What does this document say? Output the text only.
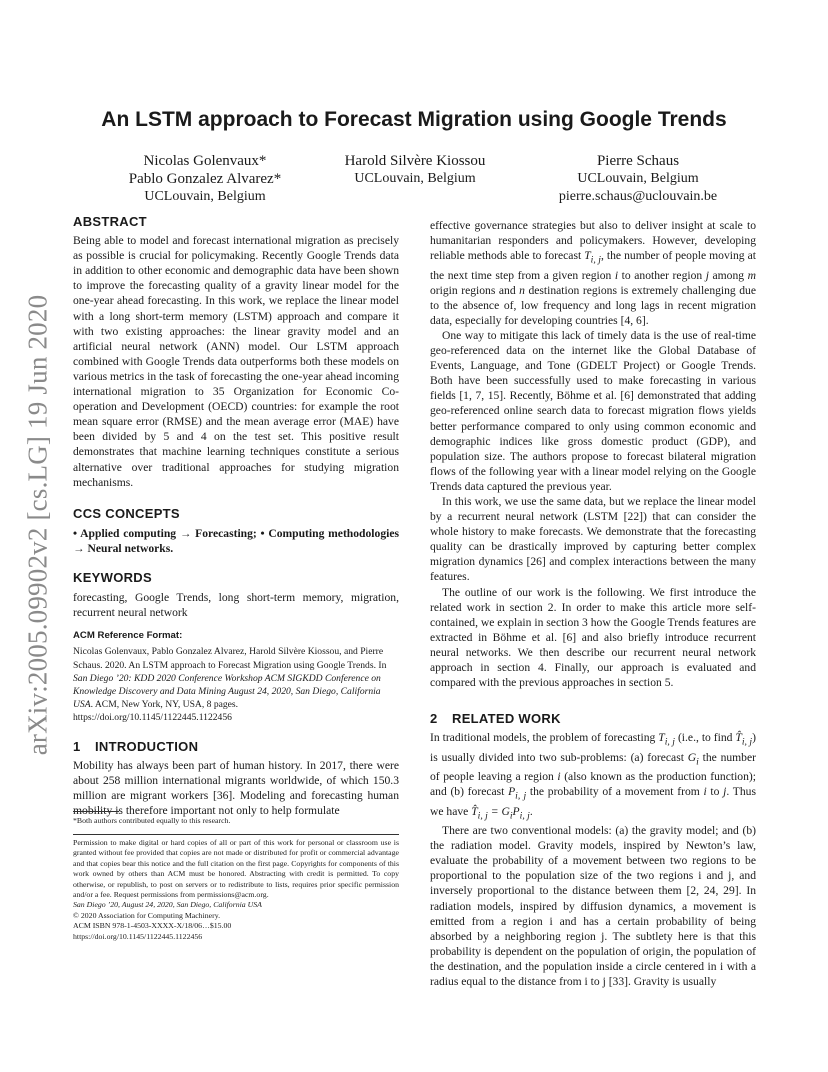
arXiv:2005.09902v2 [cs.LG] 19 Jun 2020
An LSTM approach to Forecast Migration using Google Trends
Nicolas Golenvaux*
Pablo Gonzalez Alvarez*
UCLouvain, Belgium
Harold Silvère Kiossou
UCLouvain, Belgium
Pierre Schaus
UCLouvain, Belgium
pierre.schaus@uclouvain.be
ABSTRACT

Being able to model and forecast international migration as precisely as possible is crucial for policymaking. Recently Google Trends data in addition to other economic and demographic data have been shown to improve the forecasting quality of a gravity linear model for the one-year ahead forecasting. In this work, we replace the linear model with a long short-term memory (LSTM) approach and compare it with two existing approaches: the linear gravity model and an artificial neural network (ANN) model. Our LSTM approach combined with Google Trends data outperforms both these models on various metrics in the task of forecasting the one-year ahead incoming international migration to 35 Organization for Economic Co-operation and Development (OECD) countries: for example the root mean square error (RMSE) and the mean average error (MAE) have been divided by 5 and 4 on the test set. This positive result demonstrates that machine learning techniques constitute a serious alternative over traditional approaches for studying migration mechanisms.

CCS CONCEPTS

• Applied computing → Forecasting; • Computing methodologies → Neural networks.

KEYWORDS

forecasting, Google Trends, long short-term memory, migration, recurrent neural network

ACM Reference Format:

Nicolas Golenvaux, Pablo Gonzalez Alvarez, Harold Silvère Kiossou, and Pierre Schaus. 2020. An LSTM approach to Forecast Migration using Google Trends. In San Diego ’20: KDD 2020 Conference Workshop ACM SIGKDD Conference on Knowledge Discovery and Data Mining August 24, 2020, San Diego, California USA. ACM, New York, NY, USA, 8 pages. https://doi.org/10.1145/1122445.1122456

1 INTRODUCTION

Mobility has always been part of human history. In 2017, there were about 258 million international migrants worldwide, of which 150.3 million are migrant workers [36]. Modeling and forecasting human mobility is therefore important not only to help formulate

*Both authors contributed equally to this research.

Permission to make digital or hard copies of all or part of this work for personal or classroom use is granted without fee provided that copies are not made or distributed for profit or commercial advantage and that copies bear this notice and the full citation on the first page. Copyrights for components of this work owned by others than ACM must be honored. Abstracting with credit is permitted. To copy otherwise, or republish, to post on servers or to redistribute to lists, requires prior specific permission and/or a fee. Request permissions from permissions@acm.org.

San Diego ’20, August 24, 2020, San Diego, California USA

© 2020 Association for Computing Machinery.

ACM ISBN 978-1-4503-XXXX-X/18/06…$15.00

https://doi.org/10.1145/1122445.1122456

effective governance strategies but also to deliver insight at scale to humanitarian responders and policymakers. However, developing reliable methods able to forecast $T_{i, j}$, the number of people moving at the next time step from a given region i to another region j among m origin regions and n destination regions is extremely challenging due to the absence of, low frequency and long lags in recent migration data, especially for developing countries [4, 6].

One way to mitigate this lack of timely data is the use of real-time geo-referenced data on the internet like the Global Database of Events, Language, and Tone (GDELT Project) or Google Trends. Both have been successfully used to make forecasting in various fields [1, 7, 15]. Recently, Böhme et al. [6] demonstrated that adding geo-referenced online search data to forecast migration flows yields better performance compared to only using common economic and demographic indices like gross domestic product (GDP), and population size. The authors propose to forecast bilateral migration flows of the following year with a linear model relying on the Google Trends data captured the previous year.

In this work, we use the same data, but we replace the linear model by a recurrent neural network (LSTM [22]) that can consider the whole history to make forecasts. We demonstrate that the forecasting quality can be drastically improved by capturing better complex migration dynamics [26] and complex interactions between the many features.

The outline of our work is the following. We first introduce the related work in section 2. In order to make this article more self-contained, we explain in section 3 how the Google Trends features are extracted in Böhme et al. [6] and also briefly introduce recurrent neural networks. We then describe our recurrent neural network approach in section 4. Finally, our approach is evaluated and compared with the previous approaches in section 5.

2 RELATED WORK

In traditional models, the problem of forecasting $T_{i, j}$ (i.e., to find $T̂_{i, j}$) is usually divided into two sub-problems: (a) forecast $G_i$ the number of people leaving a region i (also known as the production function); and (b) forecast $P_{i, j}$ the probability of a movement from i to j. Thus we have $T̂_{i, j} = G_iP_{i, j}$.

There are two conventional models: (a) the gravity model; and (b) the radiation model. Gravity models, inspired by Newton’s law, evaluate the probability of a movement between two regions to be proportional to the population size of the two regions i and j, and inversely proportional to the distance between them [2, 24, 29]. In radiation models, inspired by diffusion dynamics, a movement is emitted from a region i and has a certain probability of being absorbed by a neighboring region j. The subtlety here is that this probability is dependent on the population of origin, the population of the destination, and the population inside a circle centered in i with a radius equal to the distance from i to j [33]. Gravity is usually
